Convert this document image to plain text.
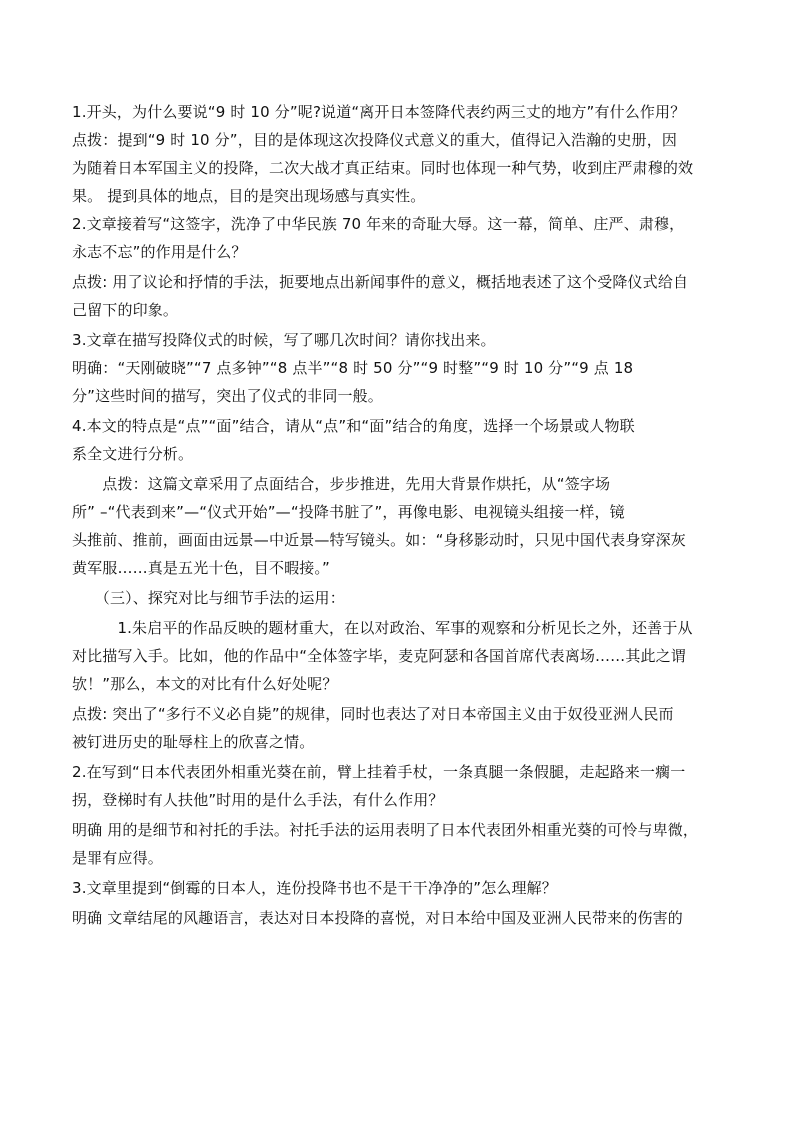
1.开头，为什么要说“9 时 10 分”呢?说道“离开日本签降代表约两三丈的地方”有什么作用？
点拨：提到“9 时 10 分”，目的是体现这次投降仪式意义的重大，值得记入浩瀚的史册，因
为随着日本军国主义的投降，二次大战才真正结束。同时也体现一种气势，收到庄严肃穆的效
果。 提到具体的地点，目的是突出现场感与真实性。
2.文章接着写“这签字，洗净了中华民族 70 年来的奇耻大辱。这一幕，简单、庄严、肃穆，
永志不忘”的作用是什么？
点拨: 用了议论和抒情的手法，扼要地点出新闻事件的意义，概括地表述了这个受降仪式给自
己留下的印象。
3.文章在描写投降仪式的时候，写了哪几次时间？请你找出来。
明确：“天刚破晓”“7 点多钟”“8 点半”“8 时 50 分”“9 时整”“9 时 10 分”“9 点 18
分”这些时间的描写，突出了仪式的非同一般。
4.本文的特点是“点”“面”结合，请从“点”和“面”结合的角度，选择一个场景或人物联
系全文进行分析。
　　点拨：这篇文章采用了点面结合，步步推进，先用大背景作烘托，从“签字场
所” –“代表到来”—“仪式开始”—“投降书脏了”，再像电影、电视镜头组接一样，镜
头推前、推前，画面由远景—中近景—特写镜头。如：“身移影动时，只见中国代表身穿深灰
黄军服……真是五光十色，目不暇接。”
　　（三）、探究对比与细节手法的运用：
　　　1.朱启平的作品反映的题材重大，在以对政治、军事的观察和分析见长之外，还善于从
对比描写入手。比如，他的作品中“全体签字毕，麦克阿瑟和各国首席代表离场……其此之谓
欤！”那么，本文的对比有什么好处呢？
点拨: 突出了“多行不义必自毙”的规律，同时也表达了对日本帝国主义由于奴役亚洲人民而
被钉进历史的耻辱柱上的欣喜之情。
2.在写到“日本代表团外相重光葵在前，臂上挂着手杖，一条真腿一条假腿，走起路来一瘸一
拐，登梯时有人扶他”时用的是什么手法，有什么作用？
明确 用的是细节和衬托的手法。衬托手法的运用表明了日本代表团外相重光葵的可怜与卑微，
是罪有应得。
3.文章里提到“倒霉的日本人，连份投降书也不是干干净净的”怎么理解？
明确 文章结尾的风趣语言，表达对日本投降的喜悦，对日本给中国及亚洲人民带来的伤害的
